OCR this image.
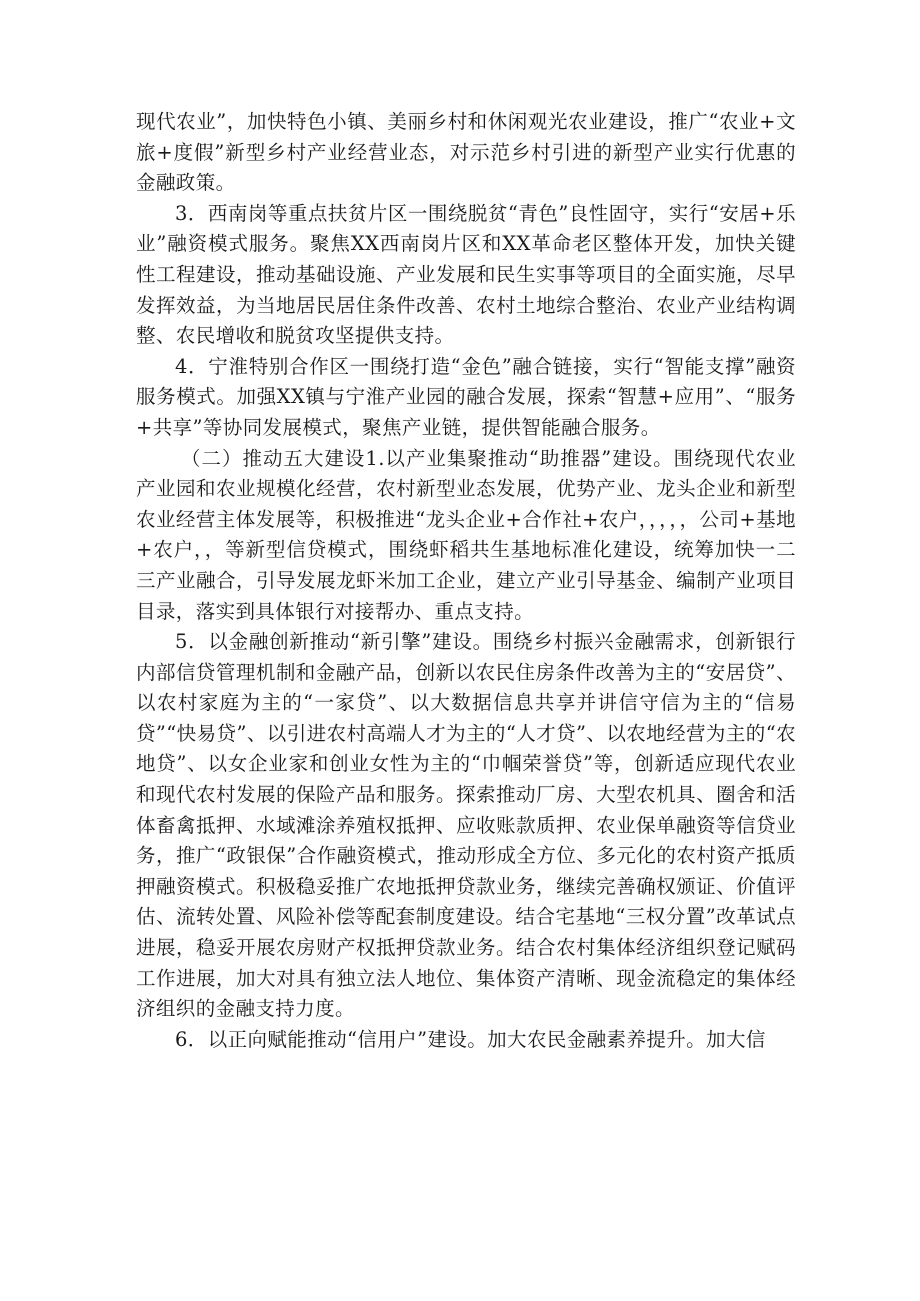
现代农业”，加快特色小镇、美丽乡村和休闲观光农业建设，推广“农业+文旅+度假”新型乡村产业经营业态，对示范乡村引进的新型产业实行优惠的金融政策。

3．西南岗等重点扶贫片区一围绕脱贫“青色”良性固守，实行“安居+乐业”融资模式服务。聚焦XX西南岗片区和XX革命老区整体开发，加快关键性工程建设，推动基础设施、产业发展和民生实事等项目的全面实施，尽早发挥效益，为当地居民居住条件改善、农村土地综合整治、农业产业结构调整、农民增收和脱贫攻坚提供支持。

4．宁淮特别合作区一围绕打造“金色”融合链接，实行“智能支撑”融资服务模式。加强XX镇与宁淮产业园的融合发展，探索“智慧+应用”、“服务+共享”等协同发展模式，聚焦产业链，提供智能融合服务。

（二）推动五大建设1.以产业集聚推动“助推器”建设。围绕现代农业产业园和农业规模化经营，农村新型业态发展，优势产业、龙头企业和新型农业经营主体发展等，积极推进“龙头企业+合作社+农户，，，，，公司+基地+农户，，等新型信贷模式，围绕虾稻共生基地标准化建设，统筹加快一二三产业融合，引导发展龙虾米加工企业，建立产业引导基金、编制产业项目目录，落实到具体银行对接帮办、重点支持。

5．以金融创新推动“新引擎”建设。围绕乡村振兴金融需求，创新银行内部信贷管理机制和金融产品，创新以农民住房条件改善为主的“安居贷”、以农村家庭为主的“一家贷”、以大数据信息共享并讲信守信为主的“信易贷”“快易贷”、以引进农村高端人才为主的“人才贷”、以农地经营为主的“农地贷”、以女企业家和创业女性为主的“巾帼荣誉贷”等，创新适应现代农业和现代农村发展的保险产品和服务。探索推动厂房、大型农机具、圈舍和活体畜禽抵押、水域滩涂养殖权抵押、应收账款质押、农业保单融资等信贷业务，推广“政银保”合作融资模式，推动形成全方位、多元化的农村资产抵质押融资模式。积极稳妥推广农地抵押贷款业务，继续完善确权颁证、价值评估、流转处置、风险补偿等配套制度建设。结合宅基地“三权分置”改革试点进展，稳妥开展农房财产权抵押贷款业务。结合农村集体经济组织登记赋码工作进展，加大对具有独立法人地位、集体资产清晰、现金流稳定的集体经济组织的金融支持力度。

6．以正向赋能推动“信用户”建设。加大农民金融素养提升。加大信
